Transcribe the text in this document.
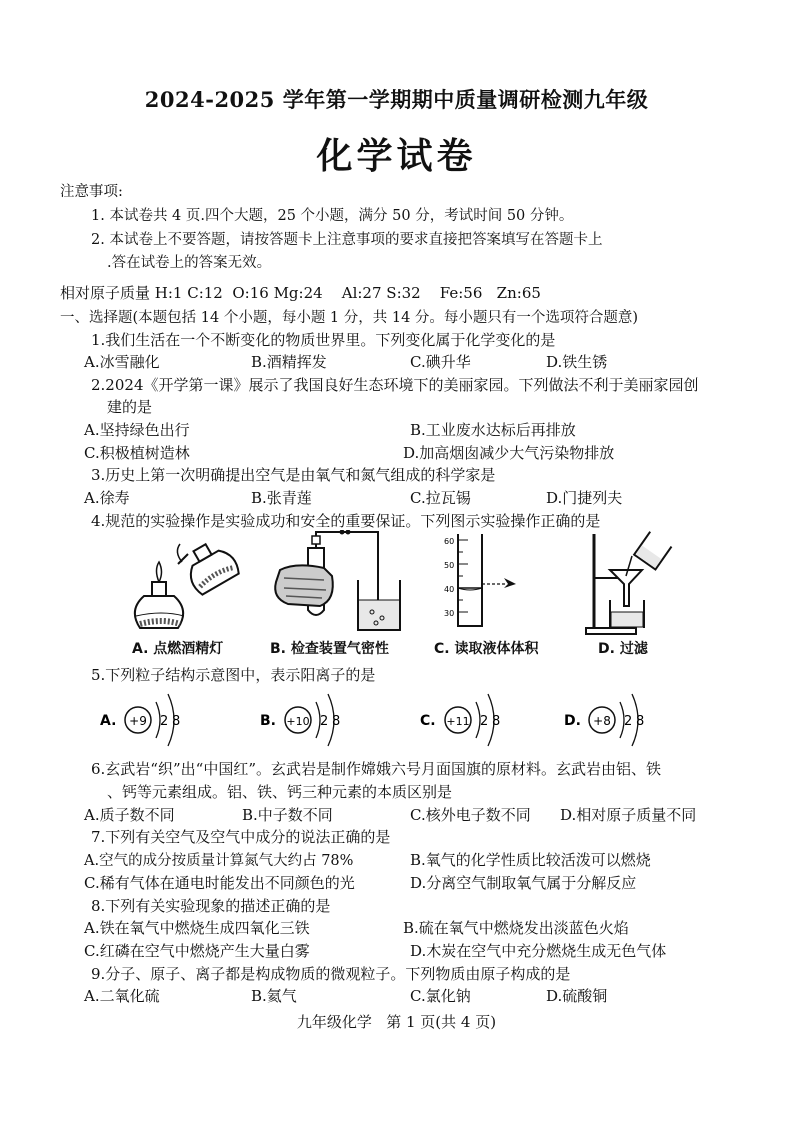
2024-2025 学年第一学期期中质量调研检测九年级
化学试卷
注意事项:
1. 本试卷共 4 页.四个大题，25 个小题，满分 50 分，考试时间 50 分钟。
2. 本试卷上不要答题，请按答题卡上注意事项的要求直接把答案填写在答题卡上
.答在试卷上的答案无效。
相对原子质量 H:1 C:12  O:16 Mg:24    Al:27 S:32    Fe:56   Zn:65
一、选择题(本题包括 14 个小题，每小题 1 分，共 14 分。每小题只有一个选项符合题意)
1.我们生活在一个不断变化的物质世界里。下列变化属于化学变化的是
A.冰雪融化	B.酒精挥发	C.碘升华	D.铁生锈
2.2024《开学第一课》展示了我国良好生态环境下的美丽家园。下列做法不利于美丽家园创
建的是
A.坚持绿色出行	B.工业废水达标后再排放
C.积极植树造林	D.加高烟囱减少大气污染物排放
3.历史上第一次明确提出空气是由氧气和氮气组成的科学家是
A.徐寿	B.张青莲	C.拉瓦锡	D.门捷列夫
4.规范的实验操作是实验成功和安全的重要保证。下列图示实验操作正确的是
60
50
40
30
A. 点燃酒精灯	B. 检查装置气密性	C. 读取液体体积	D. 过滤
5.下列粒子结构示意图中，表示阳离子的是
A. +9 2 8	B. +10 2 8	C. +11 2 8	D. +8 2 8
6.玄武岩“织”出“中国红”。玄武岩是制作嫦娥六号月面国旗的原材料。玄武岩由铝、铁
、钙等元素组成。铝、铁、钙三种元素的本质区别是
A.质子数不同	B.中子数不同	C.核外电子数不同 D.相对原子质量不同
7.下列有关空气及空气中成分的说法正确的是
A.空气的成分按质量计算氮气大约占 78%	B.氧气的化学性质比较活泼可以燃烧
C.稀有气体在通电时能发出不同颜色的光	D.分离空气制取氧气属于分解反应
8.下列有关实验现象的描述正确的是
A.铁在氧气中燃烧生成四氧化三铁	B.硫在氧气中燃烧发出淡蓝色火焰
C.红磷在空气中燃烧产生大量白雾	D.木炭在空气中充分燃烧生成无色气体
9.分子、原子、离子都是构成物质的微观粒子。下列物质由原子构成的是
A.二氧化硫	B.氦气	C.氯化钠	D.硫酸铜
九年级化学   第 1 页(共 4 页)
